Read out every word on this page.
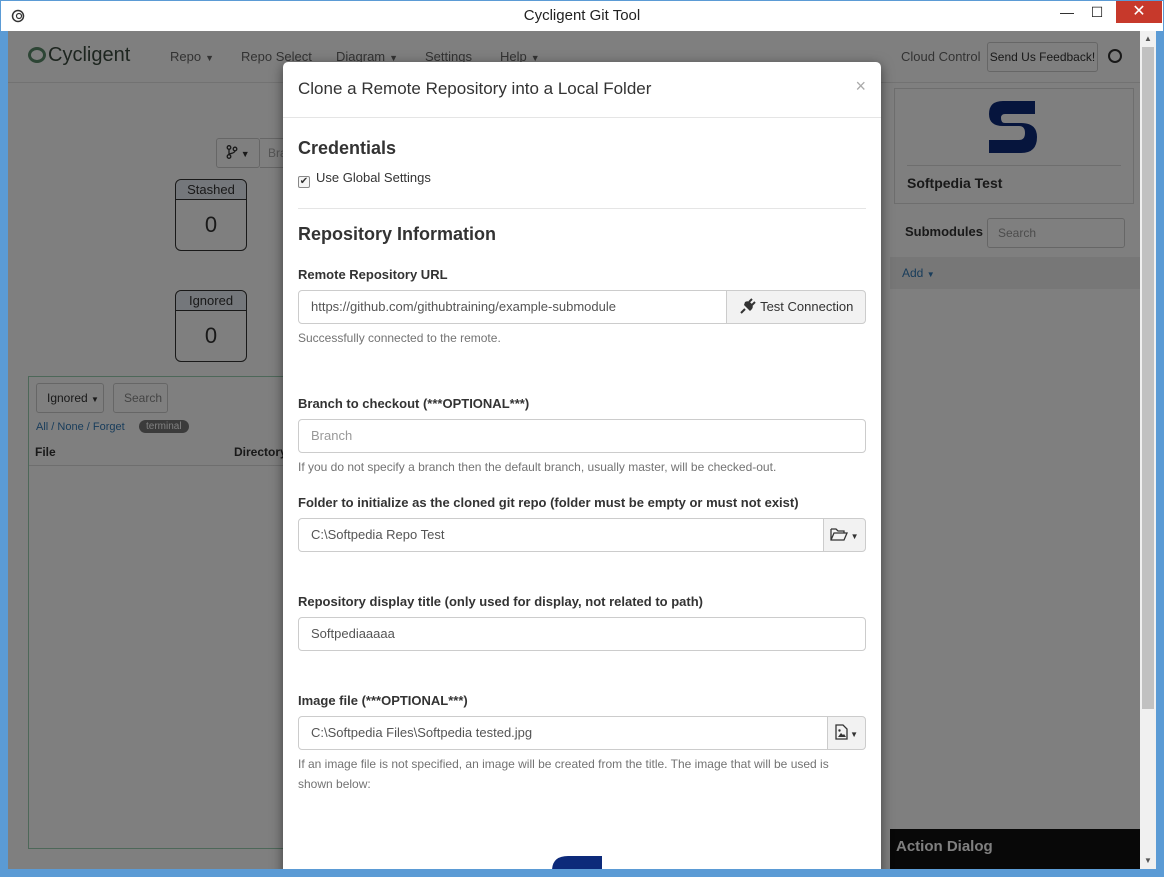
Cycligent Git Tool	—	☐	✕
▲
▼
Clone a Remote Repository into a Local Folder	×
Credentials
✔ Use Global Settings
Repository Information
Remote Repository URL
https://github.com/githubtraining/example-submodule	Test Connection
Successfully connected to the remote.
Branch to checkout (***OPTIONAL***)
Branch
If you do not specify a branch then the default branch, usually master, will be checked-out.
Folder to initialize as the cloned git repo (folder must be empty or must not exist)
C:\Softpedia Repo Test	▼
Repository display title (only used for display, not related to path)
Softpediaaaaa
Image file (***OPTIONAL***)
C:\Softpedia Files\Softpedia tested.jpg	▼
If an image file is not specified, an image will be created from the title. The image that will be used is shown below:
